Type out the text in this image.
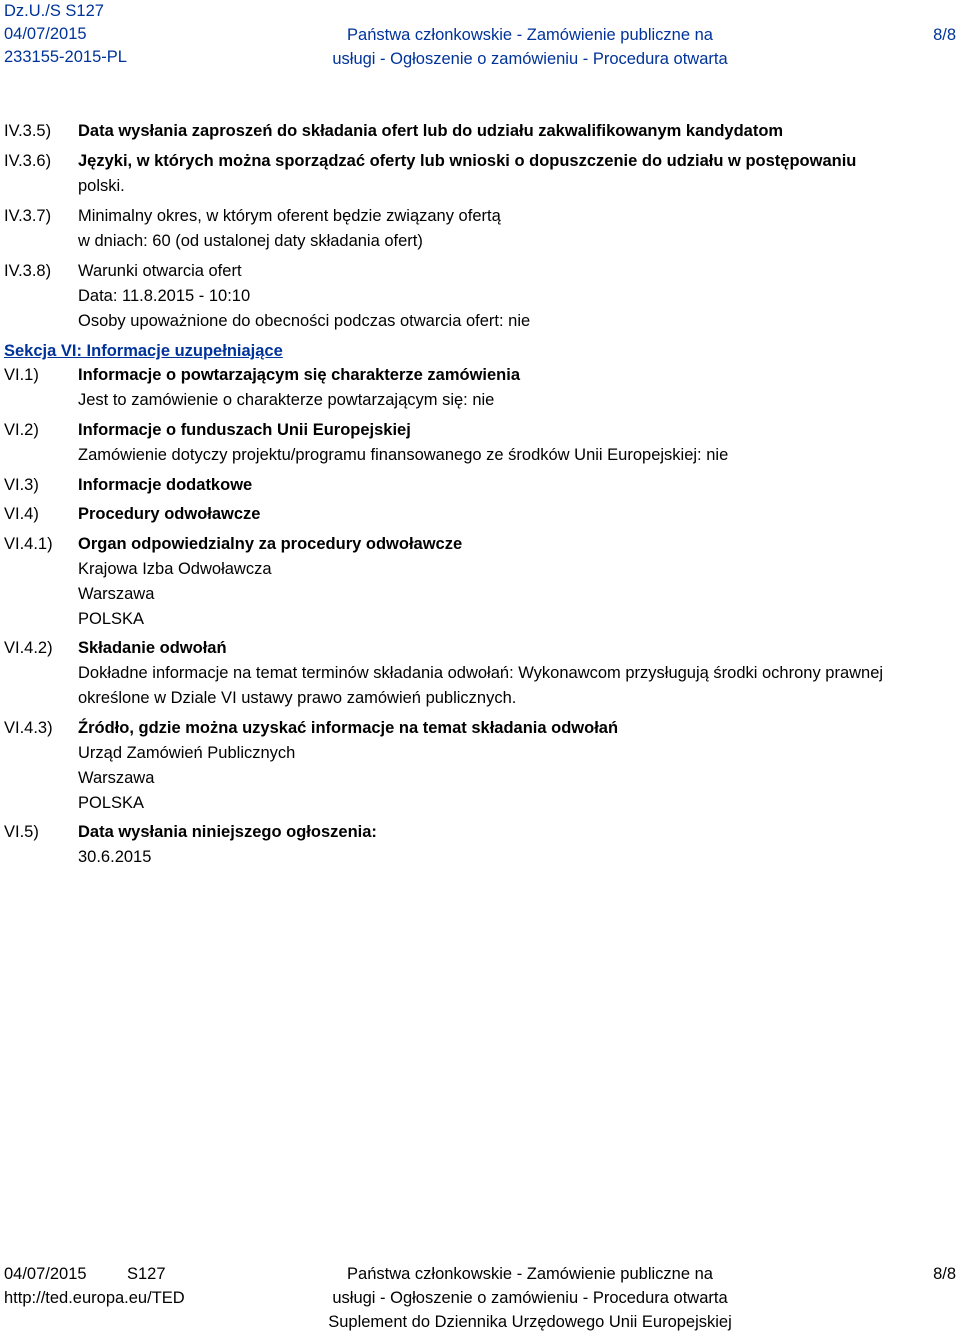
Dz.U./S S127
04/07/2015
233155-2015-PL
Państwa członkowskie - Zamówienie publiczne na
usługi - Ogłoszenie o zamówieniu - Procedura otwarta
8/8
IV.3.5) Data wysłania zaproszeń do składania ofert lub do udziału zakwalifikowanym kandydatom
IV.3.6) Języki, w których można sporządzać oferty lub wnioski o dopuszczenie do udziału w postępowaniu
polski.
IV.3.7) Minimalny okres, w którym oferent będzie związany ofertą
w dniach: 60 (od ustalonej daty składania ofert)
IV.3.8) Warunki otwarcia ofert
Data: 11.8.2015 - 10:10
Osoby upoważnione do obecności podczas otwarcia ofert: nie
Sekcja VI: Informacje uzupełniające
VI.1) Informacje o powtarzającym się charakterze zamówienia
Jest to zamówienie o charakterze powtarzającym się: nie
VI.2) Informacje o funduszach Unii Europejskiej
Zamówienie dotyczy projektu/programu finansowanego ze środków Unii Europejskiej: nie
VI.3) Informacje dodatkowe
VI.4) Procedury odwoławcze
VI.4.1) Organ odpowiedzialny za procedury odwoławcze
Krajowa Izba Odwoławcza
Warszawa
POLSKA
VI.4.2) Składanie odwołań
Dokładne informacje na temat terminów składania odwołań: Wykonawcom przysługują środki ochrony prawnej określone w Dziale VI ustawy prawo zamówień publicznych.
VI.4.3) Źródło, gdzie można uzyskać informacje na temat składania odwołań
Urząd Zamówień Publicznych
Warszawa
POLSKA
VI.5) Data wysłania niniejszego ogłoszenia:
30.6.2015
04/07/2015
http://ted.europa.eu/TED
S127	Państwa członkowskie - Zamówienie publiczne na
usługi - Ogłoszenie o zamówieniu - Procedura otwarta
Suplement do Dziennika Urzędowego Unii Europejskiej
8/8
